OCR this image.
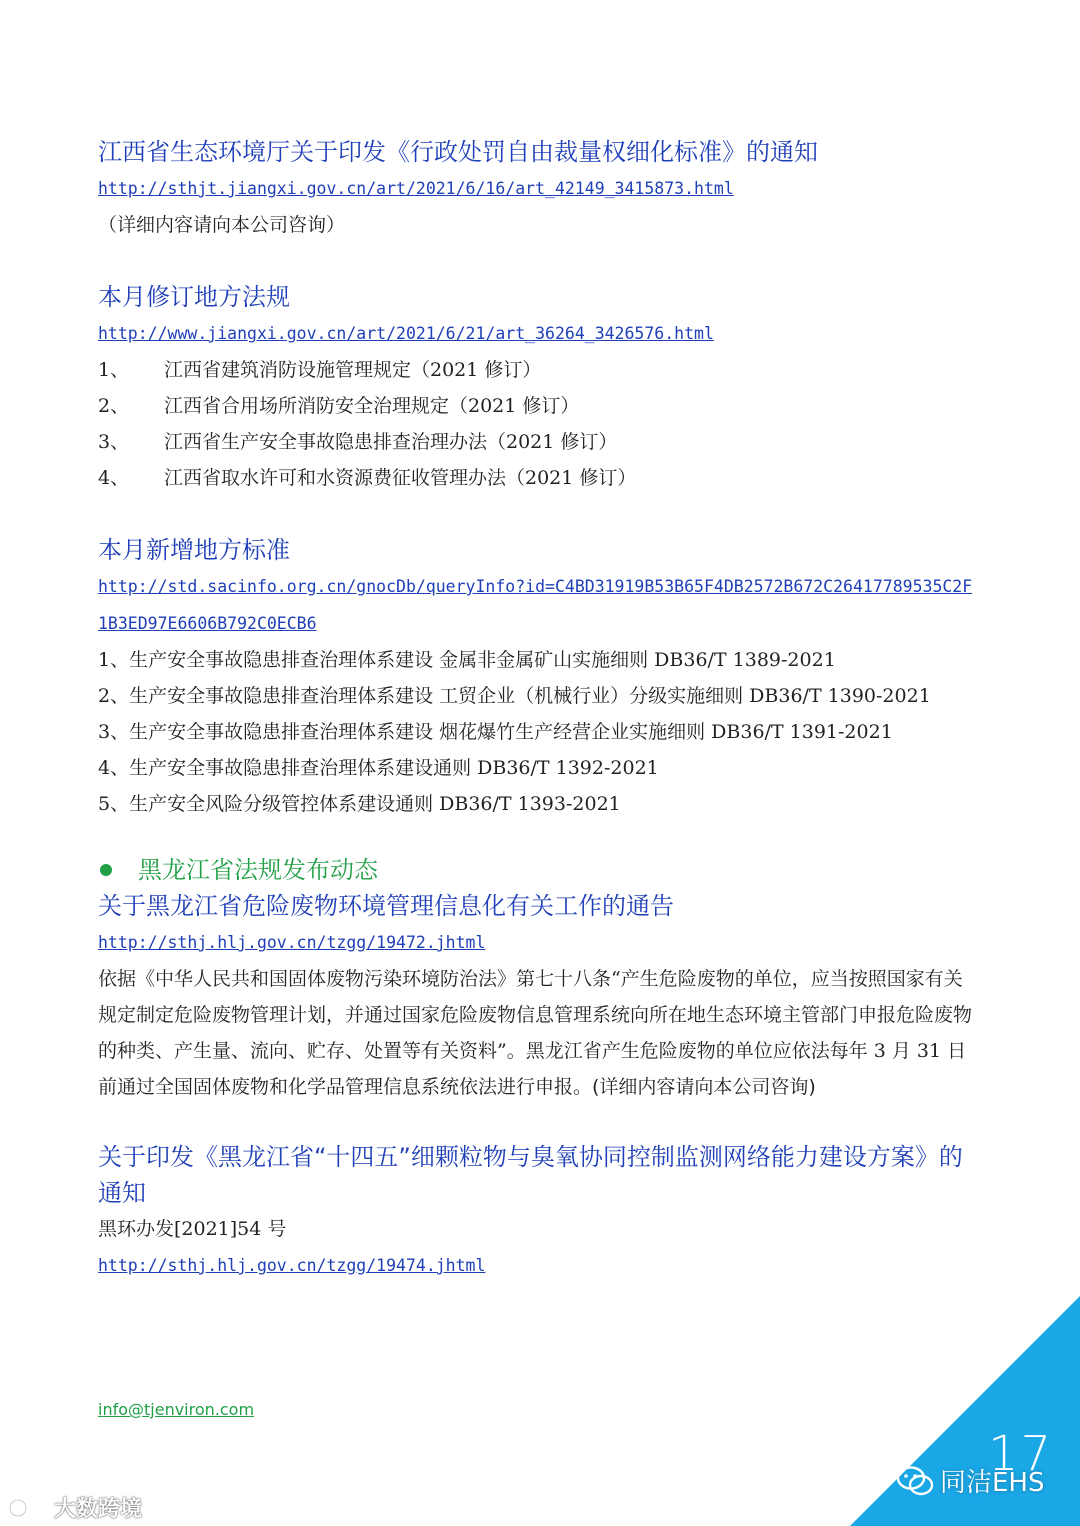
江西省生态环境厅关于印发《行政处罚自由裁量权细化标准》的通知
http://sthjt.jiangxi.gov.cn/art/2021/6/16/art_42149_3415873.html（详细内容请向本公司咨询）
本月修订地方法规
http://www.jiangxi.gov.cn/art/2021/6/21/art_36264_3426576.html
1、	江西省建筑消防设施管理规定（2021 修订）
2、	江西省合用场所消防安全治理规定（2021 修订）
3、	江西省生产安全事故隐患排查治理办法（2021 修订）
4、	江西省取水许可和水资源费征收管理办法（2021 修订）
本月新增地方标准
http://std.sacinfo.org.cn/gnocDb/queryInfo?id=C4BD31919B53B65F4DB2572B672C26417789535C2F1B3ED97E6606B792C0ECB6
1、生产安全事故隐患排查治理体系建设 金属非金属矿山实施细则 DB36/T 1389-2021
2、生产安全事故隐患排查治理体系建设 工贸企业（机械行业）分级实施细则 DB36/T 1390-2021
3、生产安全事故隐患排查治理体系建设 烟花爆竹生产经营企业实施细则 DB36/T 1391-2021
4、生产安全事故隐患排查治理体系建设通则 DB36/T 1392-2021
5、生产安全风险分级管控体系建设通则 DB36/T 1393-2021
黑龙江省法规发布动态
关于黑龙江省危险废物环境管理信息化有关工作的通告
http://sthj.hlj.gov.cn/tzgg/19472.jhtml

依据《中华人民共和国固体废物污染环境防治法》第七十八条“产生危险废物的单位，应当按照国家有关规定制定危险废物管理计划，并通过国家危险废物信息管理系统向所在地生态环境主管部门申报危险废物的种类、产生量、流向、贮存、处置等有关资料”。黑龙江省产生危险废物的单位应依法每年 3 月 31 日前通过全国固体废物和化学品管理信息系统依法进行申报。(详细内容请向本公司咨询)

关于印发《黑龙江省“十四五”细颗粒物与臭氧协同控制监测网络能力建设方案》的通知

黑环办发[2021]54 号

http://sthj.hlj.gov.cn/tzgg/19474.jhtml
info@tjenviron.com
17
同洁EHS
大数跨境
